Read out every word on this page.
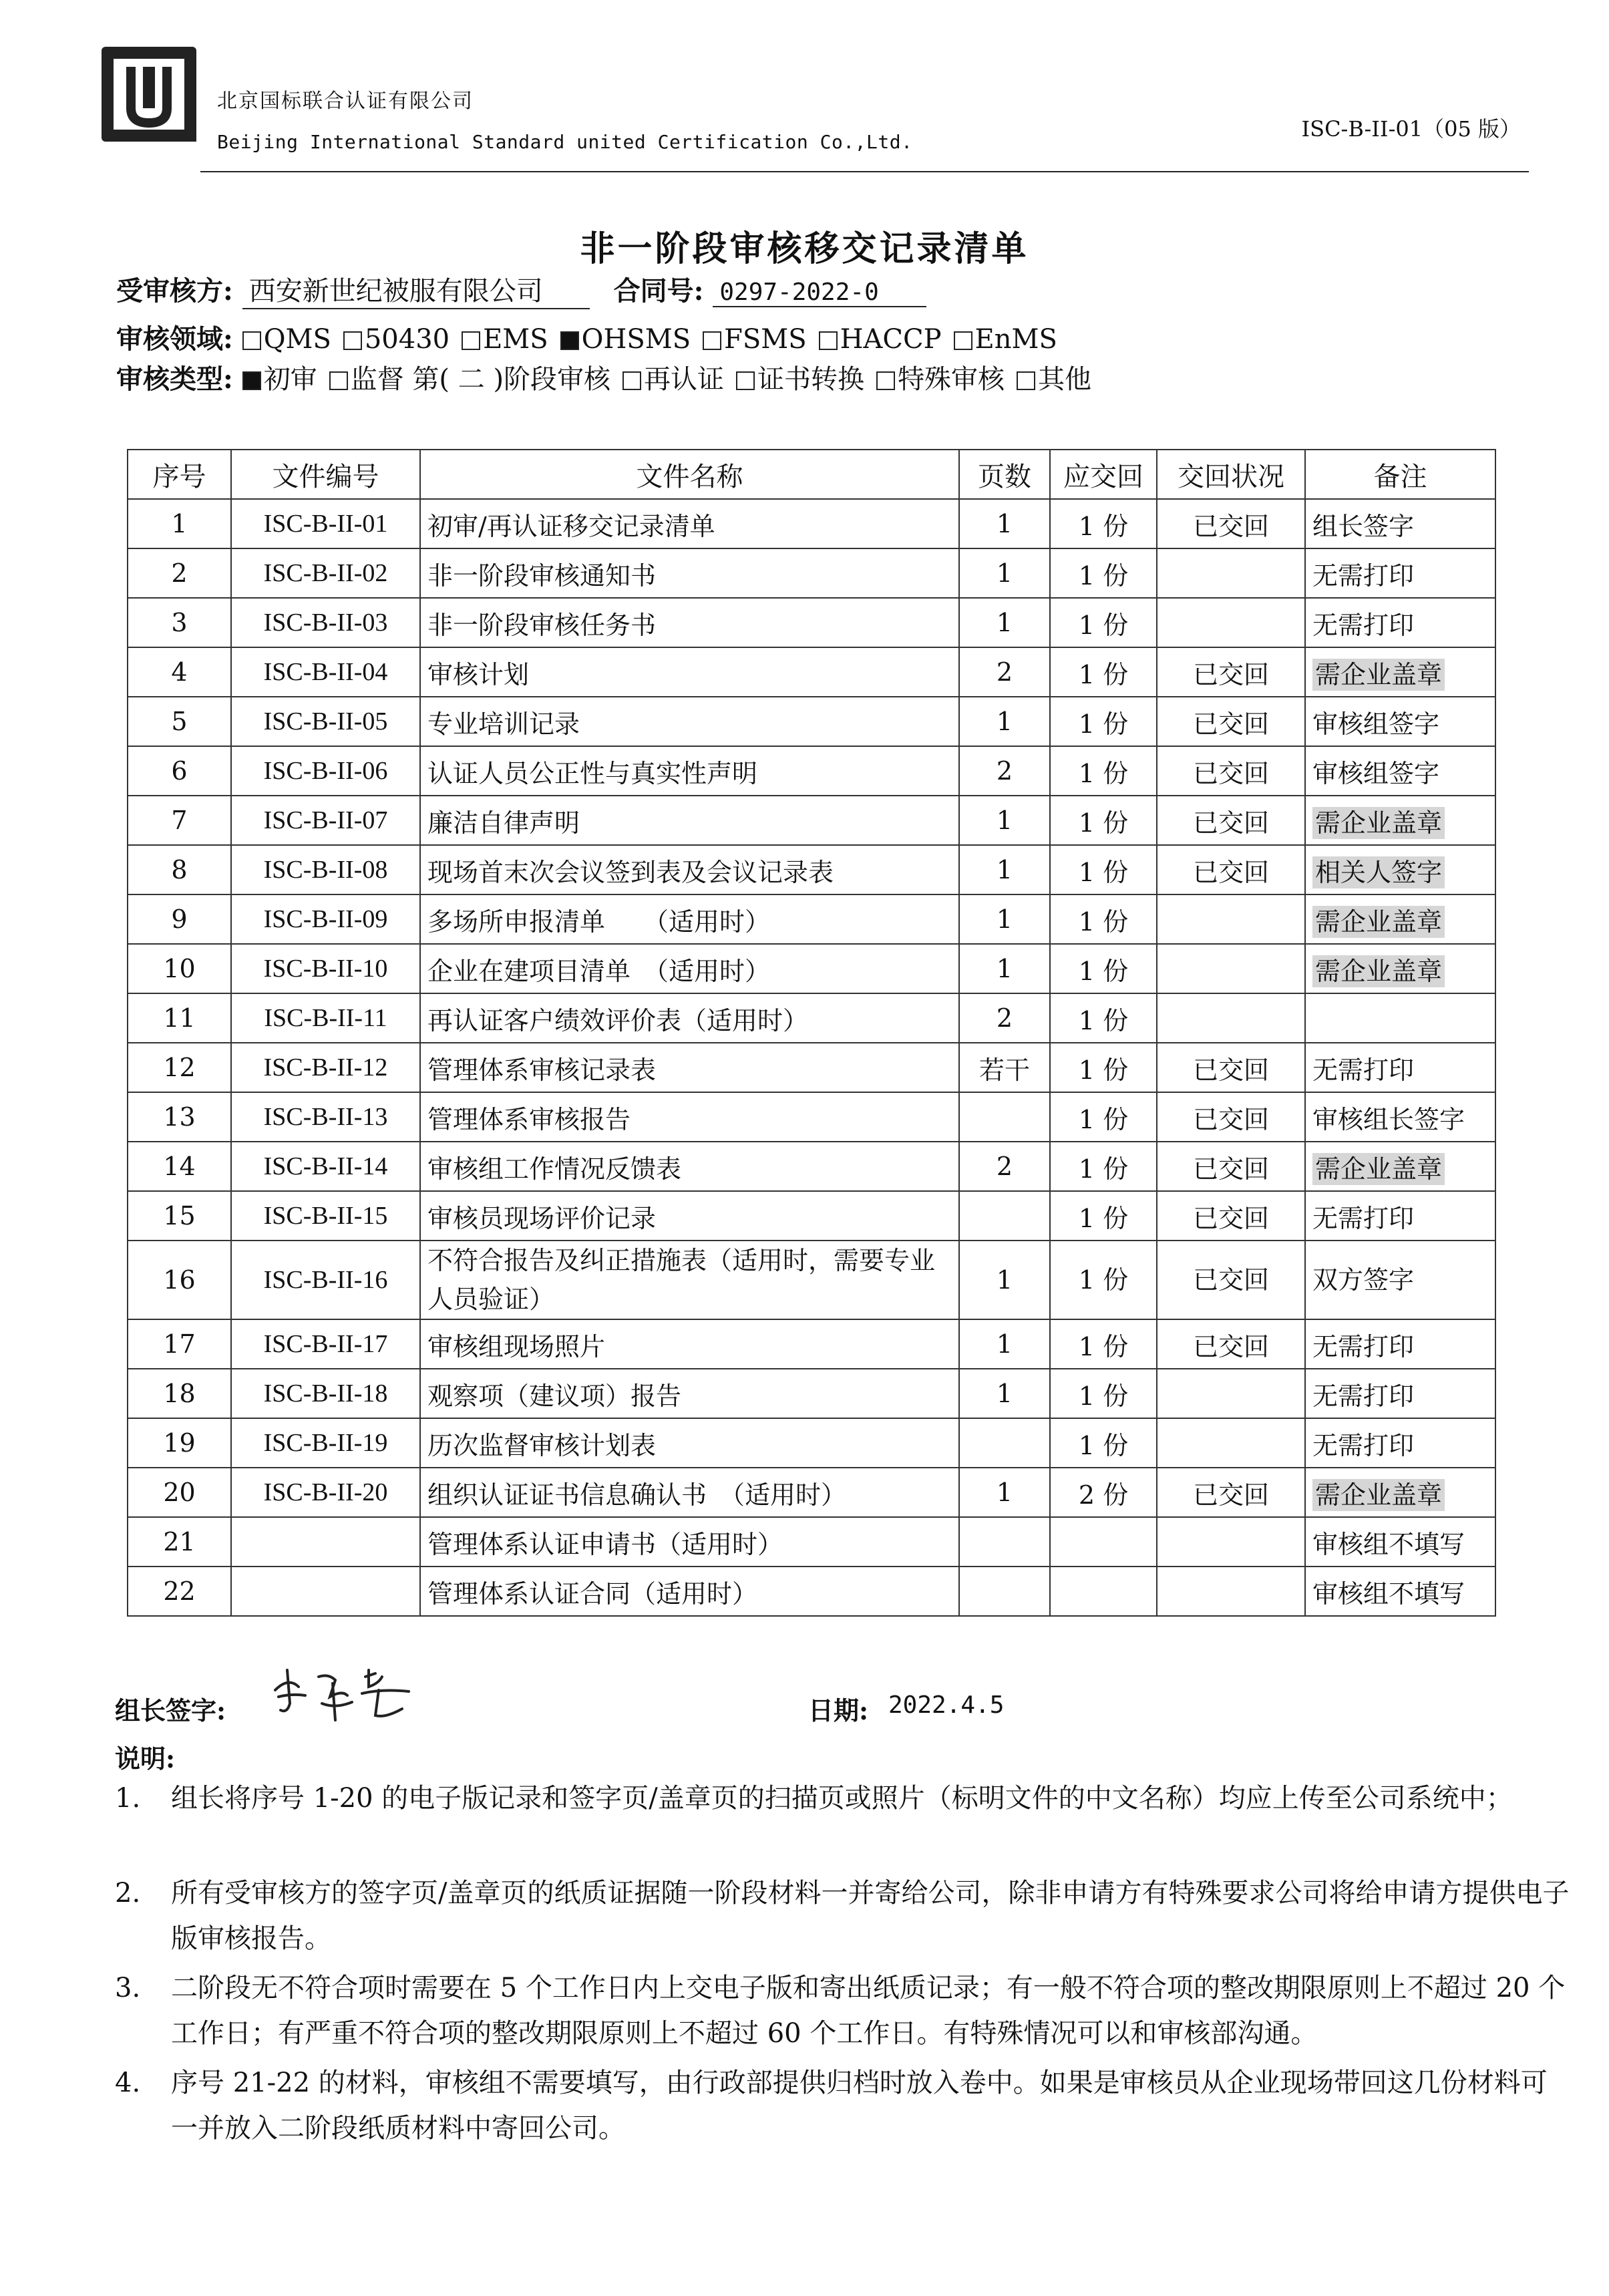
北京国标联合认证有限公司
Beijing International Standard united Certification Co.,Ltd.
ISC-B-II-01（05 版）
非一阶段审核移交记录清单
受审核方: 西安新世纪被服有限公司	合同号: 0297-2022-0
审核领域: QMS 50430 EMS OHSMS FSMS HACCP EnMS
审核类型: 初审 监督 第( 二 )阶段审核 再认证 证书转换 特殊审核 其他
序号	文件编号	文件名称	页数	应交回	交回状况	备注
1	ISC-B-II-01	初审/再认证移交记录清单	1	1 份	已交回	组长签字
2	ISC-B-II-02	非一阶段审核通知书	1	1 份		无需打印
3	ISC-B-II-03	非一阶段审核任务书	1	1 份		无需打印
4	ISC-B-II-04	审核计划	2	1 份	已交回	需企业盖章
5	ISC-B-II-05	专业培训记录	1	1 份	已交回	审核组签字
6	ISC-B-II-06	认证人员公正性与真实性声明	2	1 份	已交回	审核组签字
7	ISC-B-II-07	廉洁自律声明	1	1 份	已交回	需企业盖章
8	ISC-B-II-08	现场首末次会议签到表及会议记录表	1	1 份	已交回	相关人签字
9	ISC-B-II-09	多场所申报清单　　（适用时）	1	1 份		需企业盖章
10	ISC-B-II-10	企业在建项目清单　（适用时）	1	1 份		需企业盖章
11	ISC-B-II-11	再认证客户绩效评价表（适用时）	2	1 份		
12	ISC-B-II-12	管理体系审核记录表	若干	1 份	已交回	无需打印
13	ISC-B-II-13	管理体系审核报告		1 份	已交回	审核组长签字
14	ISC-B-II-14	审核组工作情况反馈表	2	1 份	已交回	需企业盖章
15	ISC-B-II-15	审核员现场评价记录		1 份	已交回	无需打印
16	ISC-B-II-16	不符合报告及纠正措施表（适用时，需要专业人员验证）	1	1 份	已交回	双方签字
17	ISC-B-II-17	审核组现场照片	1	1 份	已交回	无需打印
18	ISC-B-II-18	观察项（建议项）报告	1	1 份		无需打印
19	ISC-B-II-19	历次监督审核计划表		1 份		无需打印
20	ISC-B-II-20	组织认证证书信息确认书　（适用时）	1	2 份	已交回	需企业盖章
21		管理体系认证申请书（适用时）				审核组不填写
22		管理体系认证合同（适用时）				审核组不填写
组长签字:	日期: 2022.4.5
说明:
1. 组长将序号 1-20 的电子版记录和签字页/盖章页的扫描页或照片（标明文件的中文名称）均应上传至公司系统中；
2. 所有受审核方的签字页/盖章页的纸质证据随一阶段材料一并寄给公司，除非申请方有特殊要求公司将给申请方提供电子版审核报告。
3. 二阶段无不符合项时需要在 5 个工作日内上交电子版和寄出纸质记录；有一般不符合项的整改期限原则上不超过 20 个工作日；有严重不符合项的整改期限原则上不超过 60 个工作日。有特殊情况可以和审核部沟通。
4. 序号 21-22 的材料，审核组不需要填写，由行政部提供归档时放入卷中。如果是审核员从企业现场带回这几份材料可一并放入二阶段纸质材料中寄回公司。
